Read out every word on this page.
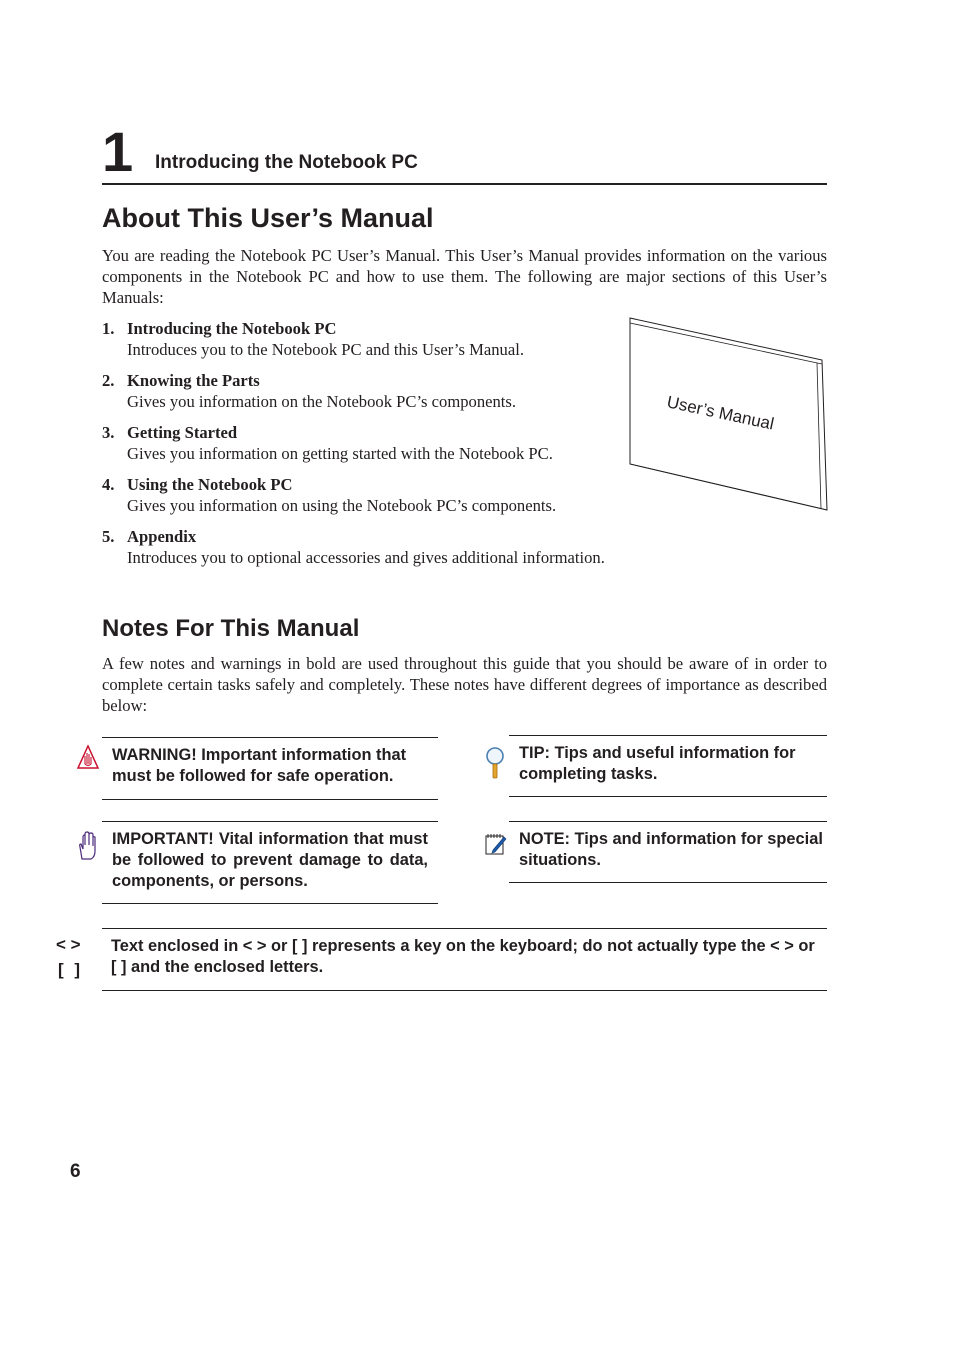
1 Introducing the Notebook PC
About This User’s Manual
You are reading the Notebook PC User’s Manual. This User’s Manual provides information on the various components in the Notebook PC and how to use them. The following are major sections of this User’s Manuals:
1. Introducing the Notebook PC
Introduces you to the Notebook PC and this User’s Manual.
2. Knowing the Parts
Gives you information on the Notebook PC’s components.
3. Getting Started
Gives you information on getting started with the Notebook PC.
4. Using the Notebook PC
Gives you information on using the Notebook PC’s components.
5. Appendix
Introduces you to optional accessories and gives additional information.
User’s Manual
Notes For This Manual
A few notes and warnings in bold are used throughout this guide that you should be aware of in order to complete certain tasks safely and completely. These notes have different degrees of importance as described below:
WARNING! Important information that must be followed for safe operation.
IMPORTANT! Vital information that must be followed to prevent damage to data, components, or persons.
TIP: Tips and useful information for completing tasks.
NOTE: Tips and information for special situations.
< >
[ ]
Text enclosed in < > or [ ] represents a key on the keyboard; do not actually type the < > or [ ] and the enclosed letters.
6
